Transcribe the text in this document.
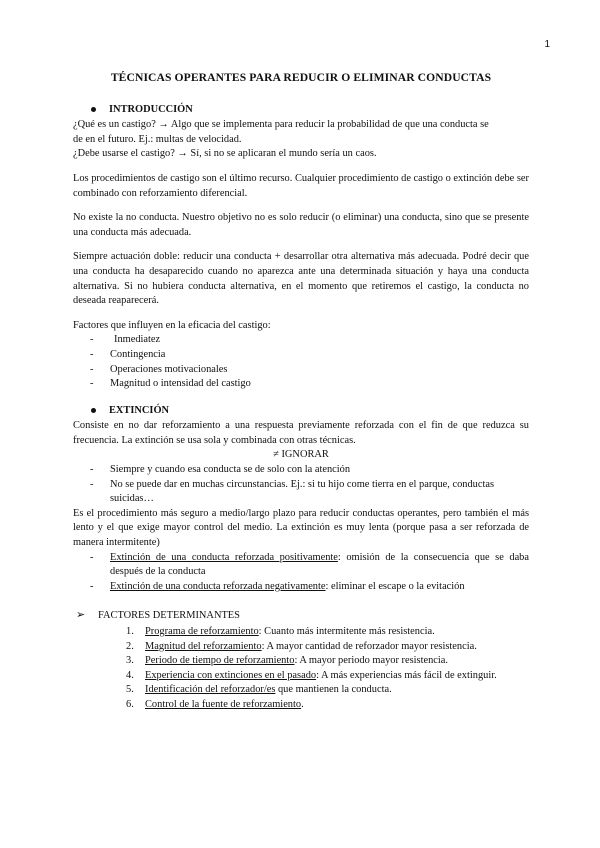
1
TÉCNICAS OPERANTES PARA REDUCIR O ELIMINAR CONDUCTAS
INTRODUCCIÓN

¿Qué es un castigo? → Algo que se implementa para reducir la probabilidad de que una conducta se

de en el futuro. Ej.: multas de velocidad.

¿Debe usarse el castigo? → Sí, si no se aplicaran el mundo sería un caos.

Los procedimientos de castigo son el último recurso. Cualquier procedimiento de castigo o extinción debe ser combinado con reforzamiento diferencial.

No existe la no conducta. Nuestro objetivo no es solo reducir (o eliminar) una conducta, sino que se presente una conducta más adecuada.

Siempre actuación doble: reducir una conducta + desarrollar otra alternativa más adecuada. Podré decir que una conducta ha desaparecido cuando no aparezca ante una determinada situación y haya una conducta alternativa. Si no hubiera conducta alternativa, en el momento que retiremos el castigo, la conducta no deseada reaparecerá.

Factores que influyen en la eficacia del castigo:

- Inmediatez
- Contingencia
- Operaciones motivacionales
- Magnitud o intensidad del castigo
EXTINCIÓN

Consiste en no dar reforzamiento a una respuesta previamente reforzada con el fin de que reduzca su frecuencia. La extinción se usa sola y combinada con otras técnicas.

≠ IGNORAR

- Siempre y cuando esa conducta se de solo con la atención
- No se puede dar en muchas circunstancias. Ej.: si tu hijo come tierra en el parque, conductas suicidas…

Es el procedimiento más seguro a medio/largo plazo para reducir conductas operantes, pero también el más lento y el que exige mayor control del medio. La extinción es muy lenta (porque pasa a ser reforzada de manera intermitente)

- Extinción de una conducta reforzada positivamente: omisión de la consecuencia que se daba después de la conducta
- Extinción de una conducta reforzada negativamente: eliminar el escape o la evitación
➢	FACTORES DETERMINANTES
1. Programa de reforzamiento: Cuanto más intermitente más resistencia.
2. Magnitud del reforzamiento: A mayor cantidad de reforzador mayor resistencia.
3. Periodo de tiempo de reforzamiento: A mayor periodo mayor resistencia.
4. Experiencia con extinciones en el pasado: A más experiencias más fácil de extinguir.
5. Identificación del reforzador/es que mantienen la conducta.
6. Control de la fuente de reforzamiento.
